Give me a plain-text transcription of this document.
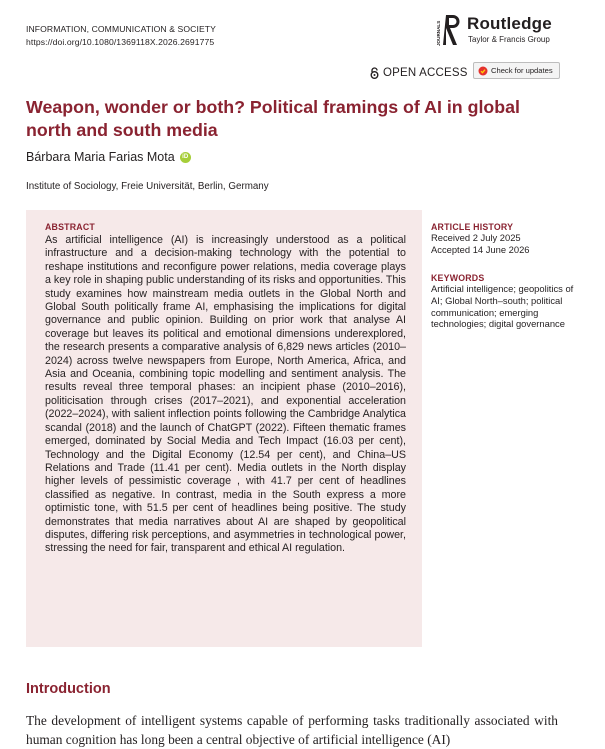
INFORMATION, COMMUNICATION & SOCIETY
https://doi.org/10.1080/1369118X.2026.2691775	JOURNALS Routledge
Taylor & Francis Group
OPEN ACCESS	Check for updates
Weapon, wonder or both? Political framings of AI in global north and south media
Bárbara Maria Farias Mota	iD
Institute of Sociology, Freie Universität, Berlin, Germany
ABSTRACT

As artificial intelligence (AI) is increasingly understood as a political infrastructure and a decision-making technology with the potential to reshape institutions and reconfigure power relations, media coverage plays a key role in shaping public understanding of its risks and opportunities. This study examines how mainstream media outlets in the Global North and Global South politically frame AI, emphasising the implications for digital governance and public opinion. Building on prior work that analyse AI coverage but leaves its political and emotional dimensions underexplored, the research presents a comparative analysis of 6,829 news articles (2010–2024) across twelve newspapers from Europe, North America, Africa, and Asia and Oceania, combining topic modelling and sentiment analysis. The results reveal three temporal phases: an incipient phase (2010–2016), politicisation through crises (2017–2021), and exponential acceleration (2022–2024), with salient inflection points following the Cambridge Analytica scandal (2018) and the launch of ChatGPT (2022). Fifteen thematic frames emerged, dominated by Social Media and Tech Impact (16.03 per cent), Technology and the Digital Economy (12.54 per cent), and China–US Relations and Trade (11.41 per cent). Media outlets in the North display higher levels of pessimistic coverage , with 41.7 per cent of headlines classified as negative. In contrast, media in the South express a more optimistic tone, with 51.5 per cent of headlines being positive. The study demonstrates that media narratives about AI are shaped by geopolitical disputes, differing risk perceptions, and asymmetries in technological power, stressing the need for fair, transparent and ethical AI regulation.

ARTICLE HISTORY

Received 2 July 2025

Accepted 14 June 2026

KEYWORDS

Artificial intelligence; geopolitics of AI; Global North–south; political communication; emerging technologies; digital governance

Introduction

The development of intelligent systems capable of performing tasks traditionally associated with human cognition has long been a central objective of artificial intelligence (AI)
